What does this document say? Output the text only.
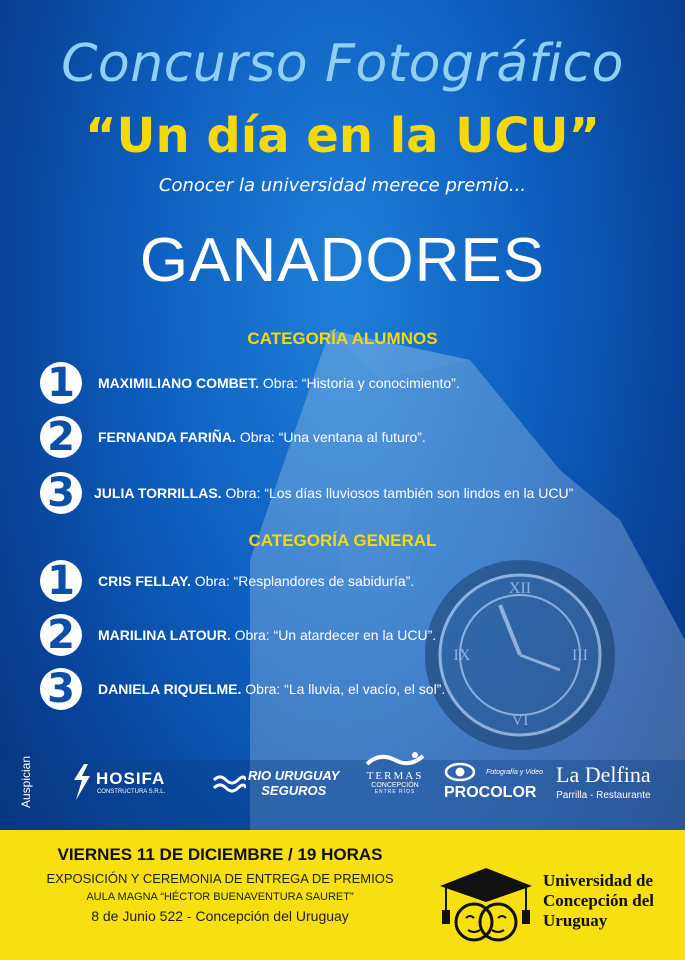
XII
III
VI
IX
Concurso Fotográfico
“Un día en la UCU”
Conocer la universidad merece premio...
GANADORES
CATEGORÍA ALUMNOS
1	MAXIMILIANO COMBET. Obra: “Historia y conocimiento”.
2	FERNANDA FARIÑA. Obra: “Una ventana al futuro”.
3	JULIA TORRILLAS. Obra: “Los días lluviosos también son lindos en la UCU”
CATEGORÍA GENERAL
1	CRIS FELLAY. Obra: “Resplandores de sabiduría”.
2	MARILINA LATOUR. Obra: “Un atardecer en la UCU”.
3	DANIELA RIQUELME. Obra: “La lluvia, el vacío, el sol”.
Auspician	HOSIFA
CONSTRUCTURA S.R.L.
RIO URUGUAY
SEGUROS
TERMAS
CONCEPCIÓN
ENTRE RÍOS
Fotografía y Video
PROCOLOR
La Delfina
Parrilla - Restaurante
VIERNES 11 DE DICIEMBRE / 19 HORAS
EXPOSICIÓN Y CEREMONIA DE ENTREGA DE PREMIOS
AULA MAGNA “HÉCTOR BUENAVENTURA SAURET”
8 de Junio 522 - Concepción del Uruguay
Universidad de
Concepción del
Uruguay
